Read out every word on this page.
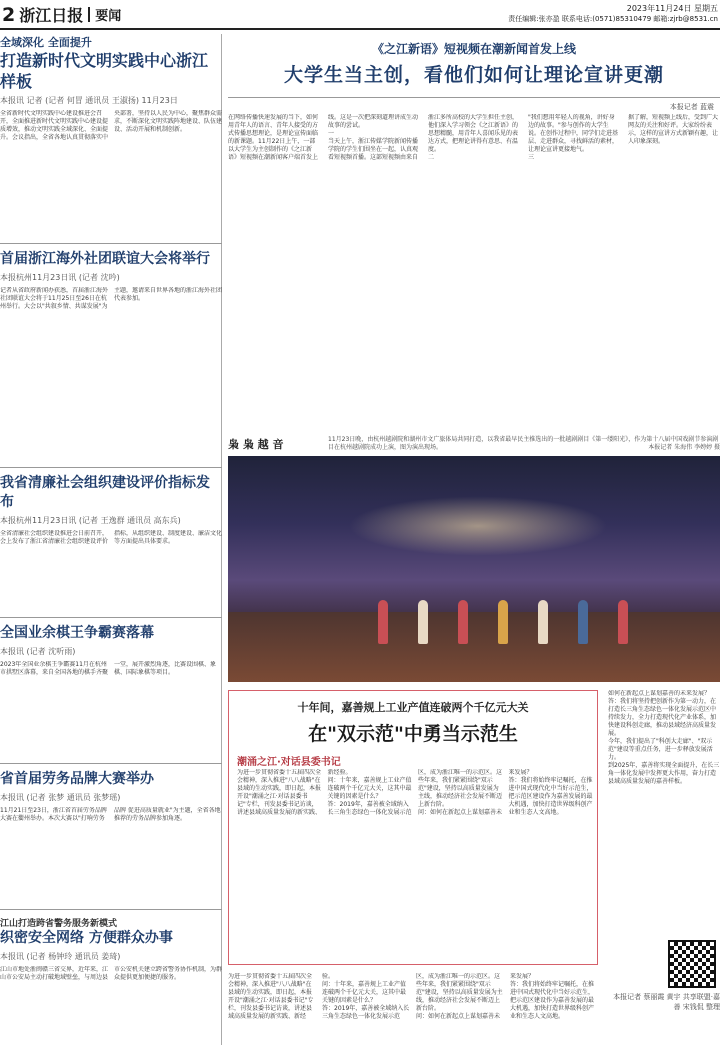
2 浙江日报 要闻
2023年11月24日 星期五
责任编辑:张亦盈 联系电话:(0571)85310479 邮箱:zjrb@8531.cn
全域深化 全面提升
打造新时代文明实践中心浙江样板
本报讯 记者 (记者 何冒 通讯员 王淑扬) 11月23日
全省新时代文明实践中心建设推进会召开，全面推进新时代文明实践中心建设提质增效，推动文明实践全域深化、全面提升。会议指出，全省各地认真贯彻落实中央部署，坚持以人民为中心，聚焦群众需求，不断深化文明实践阵地建设、队伍建设、活动开展和机制创新。
首届浙江海外社团联谊大会将举行
本报杭州11月23日讯 (记者 沈吟)
记者从省政府新闻办获悉，首届浙江海外社团联谊大会将于11月25日至26日在杭州举行。大会以"共叙乡情、共谋发展"为主题，邀请来自世界各地的浙江海外社团代表参加。
我省清廉社会组织建设评价指标发布
本报杭州11月23日讯 (记者 王逸群 通讯员 高东兵)
全省清廉社会组织建设推进会日前召开，会上发布了浙江省清廉社会组织建设评价指标，从组织建设、制度建设、廉洁文化等方面提出具体要求。
全国业余棋王争霸赛落幕
本报讯 (记者 沈听雨)
2023年全国业余棋王争霸赛11月在杭州市拱墅区落幕，来自全国各地的棋手齐聚一堂，展开激烈角逐，比赛设围棋、象棋、国际象棋等项目。
省首届劳务品牌大赛举办
本报讯 (记者 张梦 通讯员 张梦瑶)
11月21日至23日，浙江省首届劳务品牌大赛在衢州举办。本次大赛以"打响劳务品牌 促进高质量就业"为主题，全省各地推荐的劳务品牌参加角逐。
江山打造跨省警务服务新模式
织密安全网络 方便群众办事
本报讯 (记者 杨钟玲 通讯员 姜琦)
江山市地处浙闽赣三省交界，近年来，江山市公安局主动打破地域壁垒，与周边县市公安机关建立跨省警务协作机制，为群众提供更加便捷的服务。
《之江新语》短视频在潮新闻首发上线
大学生当主创，看他们如何让理论宣讲更潮
本报记者 蓝震
在网络传播快速发展的当下，如何用青年人的语言、青年人接受的方式传播思想理论，是理论宣传面临的新课题。11月22日上午，一部以大学生为主创制作的《之江新语》短视频在潮新闻客户端首发上线。这是一次把深刻道理讲成生动故事的尝试。
一
当天上午，浙江传媒学院新闻传播学院的学生们围坐在一起，认真观看短视频首播。这部短视频由来自浙江多所高校的大学生担任主创，他们深入学习领会《之江新语》的思想精髓，用青年人喜闻乐见的表达方式，把理论讲得有意思、有温度。
二
"我们想用年轻人的视角，讲好身边的故事。"参与创作的大学生说。在创作过程中，同学们走进基层、走进群众，寻找鲜活的素材，让理论宣讲更接地气。
三
据了解，短视频上线后，受到广大网友的关注和好评。大家纷纷表示，这样的宣讲方式新颖有趣，让人印象深刻。
枭 枭 越 音	11月23日晚，由杭州越剧院和湖州市文广旅体局共同打造，以我省最早民主推选出的一批越剧剧目《第一缕阳光》，作为第十八届中国戏剧节参演剧目在杭州越剧院成功上演，图为演出现场。	本报记者 朱海伟 李娉婷 摄
十年间，嘉善规上工业产值连破两个千亿元大关
在"双示范"中勇当示范生
潮涌之江·对话县委书记
为进一步贯彻省委十五届四次全会精神，深入推进"八八战略"在县域的生动实践，即日起，本报开设"潮涌之江·对话县委书记"专栏，刊发县委书记访谈，讲述县域高质量发展的新实践、新经验。
问：十年来，嘉善规上工业产值连破两个千亿元大关，这其中最关键的因素是什么？
答：2019年，嘉善被全域纳入长三角生态绿色一体化发展示范区，成为浙江唯一的示范区。这些年来，我们紧紧围绕"双示范"建设，坚持以高质量发展为主线，推动经济社会发展不断迈上新台阶。
问：如何在新起点上谋划嘉善未来发展？
答：我们将始终牢记嘱托，在推进中国式现代化中当好示范生，把示范区建设作为嘉善发展的最大机遇，加快打造世界级科创产业和生态人文高地。
如何在新起点上谋划嘉善的未来发展？
答：我们将坚持把创新作为第一动力，在打造长三角生态绿色一体化发展示范区中持续发力，全力打造现代化产业体系，加快建设科创走廊，推动县域经济高质量发展。
今年，我们提出了"科创大走廊"、"双示范"建设等重点任务，进一步释放发展活力。
到2025年，嘉善将实现全面提升，在长三角一体化发展中发挥更大作用，奋力打造县域高质量发展的嘉善样板。
为进一步贯彻省委十五届四次全会精神，深入推进"八八战略"在县域的生动实践，即日起，本报开设"潮涌之江·对话县委书记"专栏，刊发县委书记访谈，讲述县域高质量发展的新实践、新经验。
问：十年来，嘉善规上工业产值连破两个千亿元大关，这其中最关键的因素是什么？
答：2019年，嘉善被全域纳入长三角生态绿色一体化发展示范区，成为浙江唯一的示范区。这些年来，我们紧紧围绕"双示范"建设，坚持以高质量发展为主线，推动经济社会发展不断迈上新台阶。
问：如何在新起点上谋划嘉善未来发展？
答：我们将始终牢记嘱托，在推进中国式现代化中当好示范生，把示范区建设作为嘉善发展的最大机遇，加快打造世界级科创产业和生态人文高地。
本报记者 蔡丽霞 黄宇 共享联盟·嘉善 宋钱侃 整理
